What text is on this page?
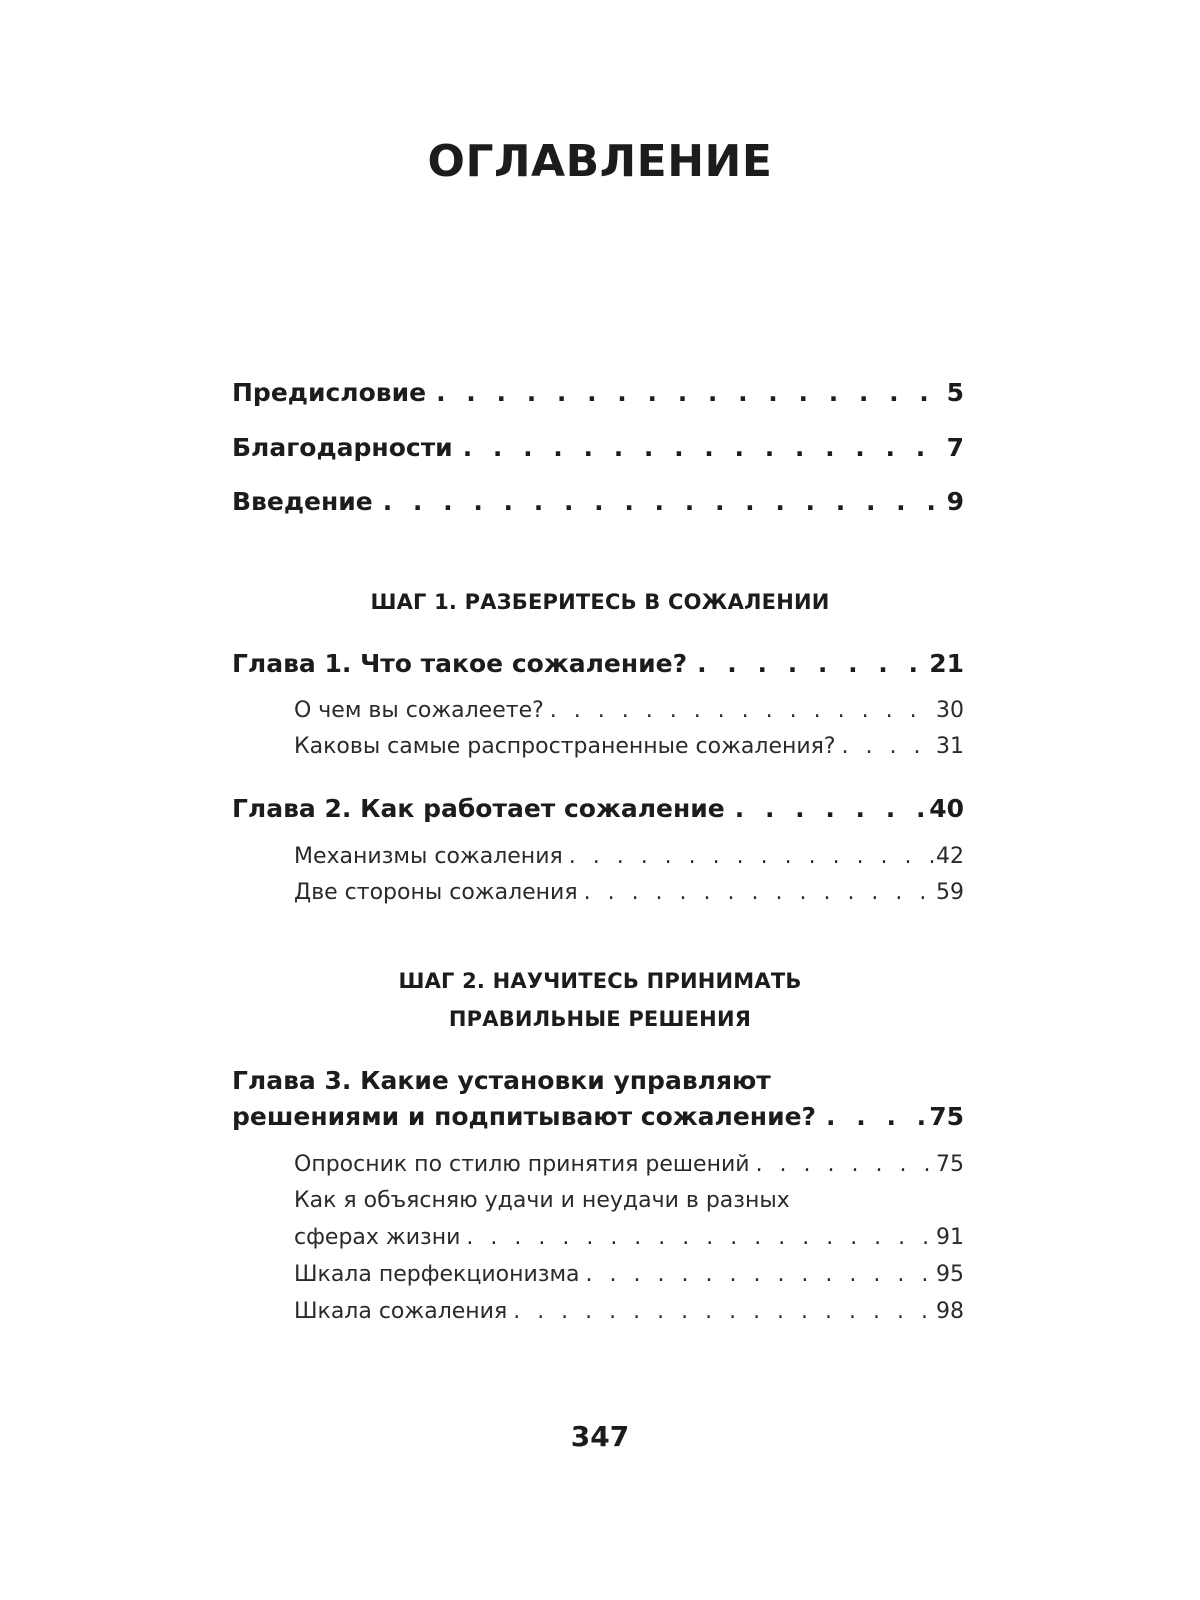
ОГЛАВЛЕНИЕ
Предисловие . . .	5
Благодарности . . .	7
Введение . . .	9
Глава 1. Что такое сожаление? . . .	21
О чем вы сожалеете? . . .	30
Каковы самые распространенные сожаления? . . .	31
Глава 2. Как работает сожаление . . .	40
Механизмы сожаления . . .	42
Две стороны сожаления . . .	59
Глава 3. Какие установки управляют
решениями и подпитывают сожаление? . . .	75
Опросник по стилю принятия решений . . .	75
Как я объясняю удачи и неудачи в разных
сферах жизни . . .	91
Шкала перфекционизма . . .	95
Шкала сожаления . . .	98
ШАГ 1. РАЗБЕРИТЕСЬ В СОЖАЛЕНИИ
ШАГ 2. НАУЧИТЕСЬ ПРИНИМАТЬ
ПРАВИЛЬНЫЕ РЕШЕНИЯ
347
